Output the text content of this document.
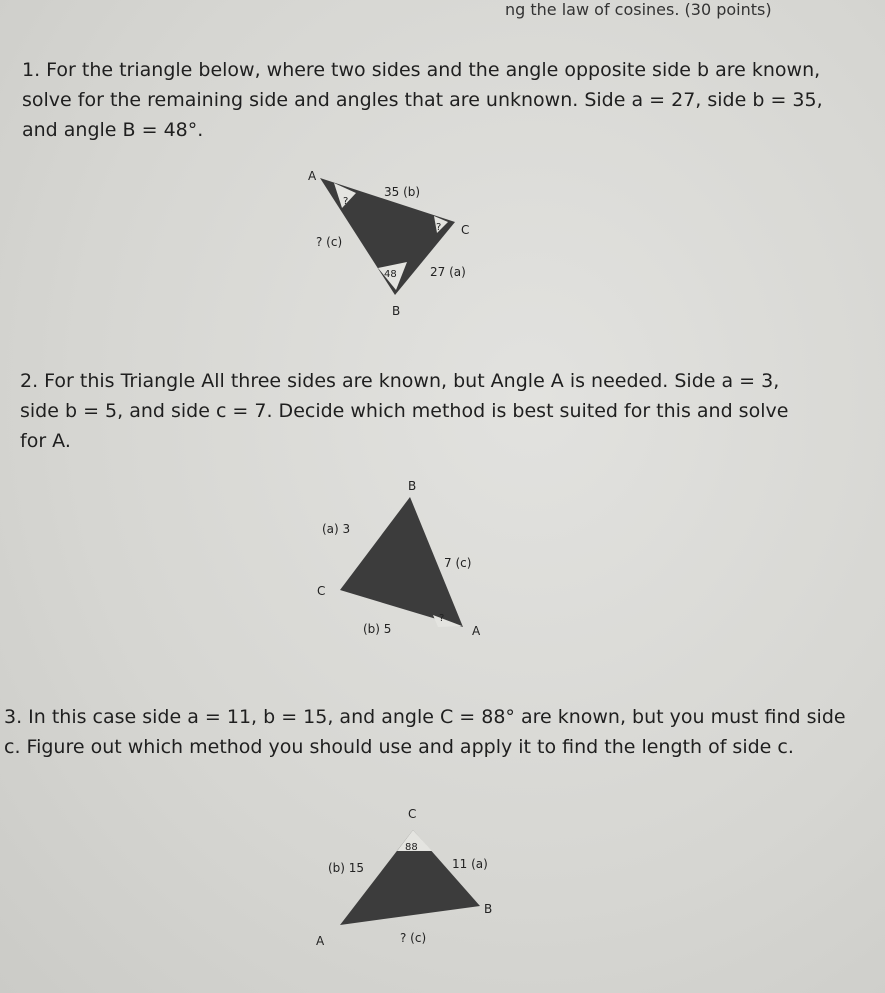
ng the law of cosines. (30 points)
1. For the triangle below, where two sides and the angle opposite side b are known, solve for the remaining side and angles that are unknown. Side a = 27, side b = 35, and angle B = 48°.
A
35 (b)
C
? (c)
27 (a)
B
?
?
48
2. For this Triangle All three sides are known, but Angle A is needed. Side a = 3, side b = 5, and side c = 7. Decide which method is best suited for this and solve for A.
B
(a) 3
7 (c)
C
(b) 5	A
?
3. In this case side a = 11, b = 15, and angle C = 88° are known, but you must find side c. Figure out which method you should use and apply it to find the length of side c.
C
(b) 15
88
11 (a)
B
A	? (c)
